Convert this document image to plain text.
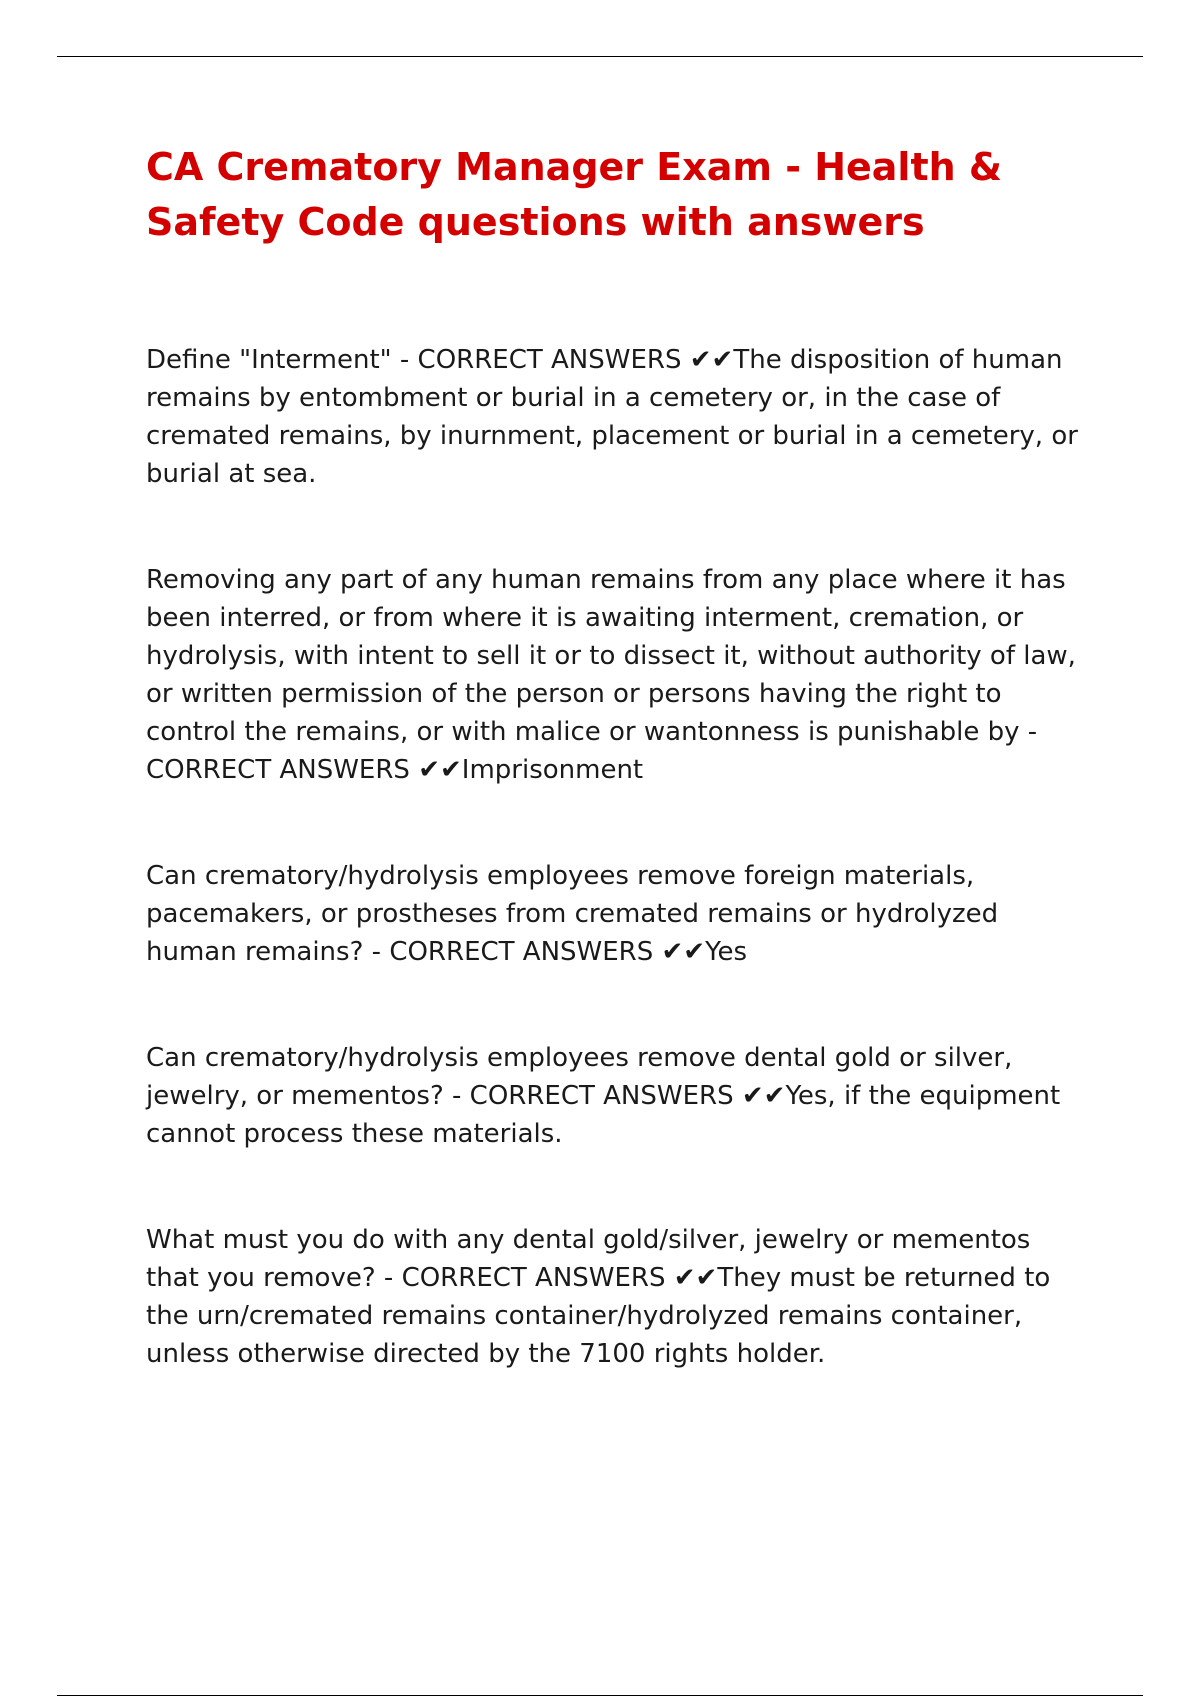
CA Crematory Manager Exam - Health & Safety Code questions with answers

Define "Interment" - CORRECT ANSWERS ✔✔The disposition of human remains by entombment or burial in a cemetery or, in the case of cremated remains, by inurnment, placement or burial in a cemetery, or burial at sea.

Removing any part of any human remains from any place where it has been interred, or from where it is awaiting interment, cremation, or hydrolysis, with intent to sell it or to dissect it, without authority of law, or written permission of the person or persons having the right to control the remains, or with malice or wantonness is punishable by - CORRECT ANSWERS ✔✔Imprisonment

Can crematory/hydrolysis employees remove foreign materials, pacemakers, or prostheses from cremated remains or hydrolyzed human remains? - CORRECT ANSWERS ✔✔Yes

Can crematory/hydrolysis employees remove dental gold or silver, jewelry, or mementos? - CORRECT ANSWERS ✔✔Yes, if the equipment cannot process these materials.

What must you do with any dental gold/silver, jewelry or mementos that you remove? - CORRECT ANSWERS ✔✔They must be returned to the urn/cremated remains container/hydrolyzed remains container, unless otherwise directed by the 7100 rights holder.
